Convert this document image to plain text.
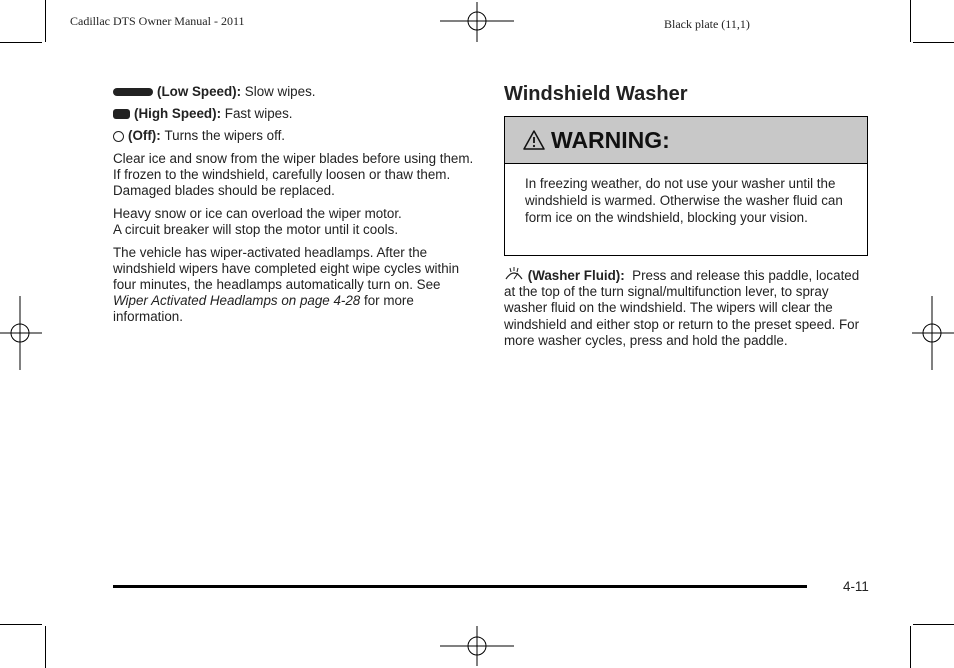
Cadillac DTS Owner Manual - 2011	Black plate (11,1)
(Low Speed):
Slow wipes.
(High Speed):
Fast wipes.
(Off):
Turns the wipers off.

Clear ice and snow from the wiper blades before using them. If frozen to the windshield, carefully loosen or thaw them. Damaged blades should be replaced.

Heavy snow or ice can overload the wiper motor.
A circuit breaker will stop the motor until it cools.

The vehicle has wiper-activated headlamps. After the windshield wipers have completed eight wipe cycles within four minutes, the headlamps automatically turn on. See Wiper Activated Headlamps on page 4-28 for more information.

Windshield Washer
WARNING:
In freezing weather, do not use your washer until the windshield is warmed. Otherwise the washer fluid can form ice on the windshield, blocking your vision.
(Washer Fluid): Press and release this paddle, located at the top of the turn signal/multifunction lever, to spray washer fluid on the windshield. The wipers will clear the windshield and either stop or return to the preset speed. For more washer cycles, press and hold the paddle.
4-11
